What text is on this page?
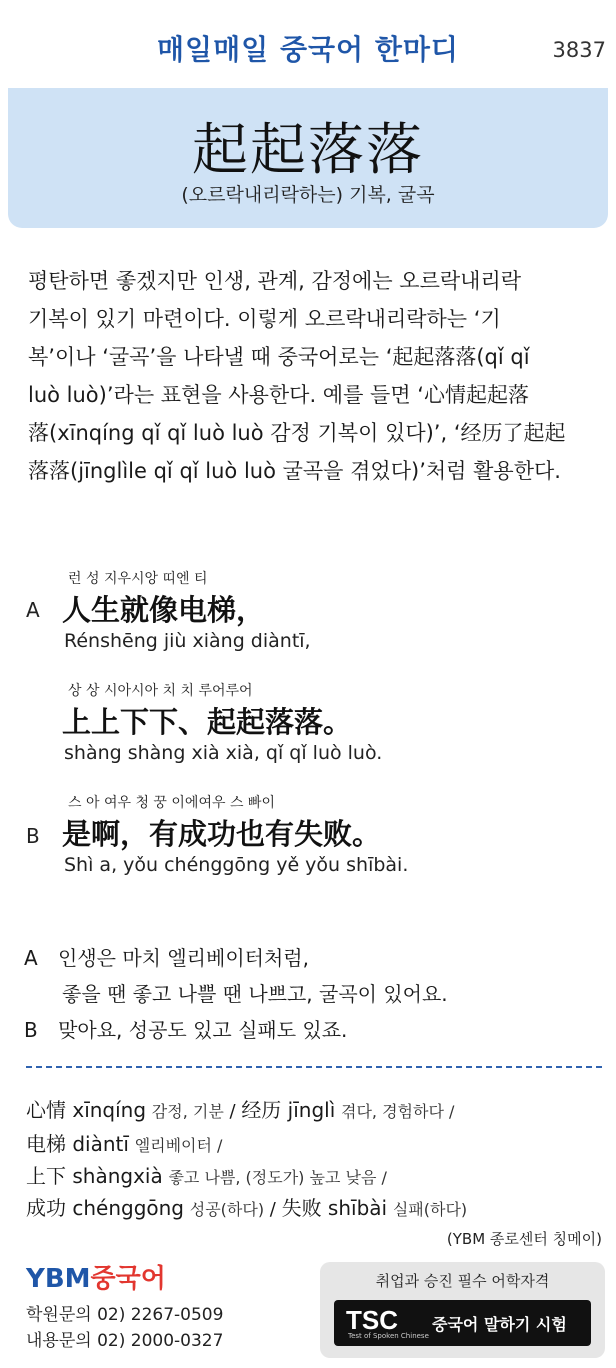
매일매일 중국어 한마디	3837
起起落落
(오르락내리락하는) 기복, 굴곡

평탄하면 좋겠지만 인생, 관계, 감정에는 오르락내리락

기복이 있기 마련이다. 이렇게 오르락내리락하는 ‘기

복’이나 ‘굴곡’을 나타낼 때 중국어로는 ‘起起落落(qǐ qǐ

luò luò)’라는 표현을 사용한다. 예를 들면 ‘心情起起落

落(xīnqíng qǐ qǐ luò luò 감정 기복이 있다)’, ‘经历了起起

落落(jīnglìle qǐ qǐ luò luò 굴곡을 겪었다)’처럼 활용한다.

런 성 지우시앙 띠엔 티
A 人生就像电梯，
Rénshēng jiù xiàng diàntī,
상 상 시아시아 치 치 루어루어
上上下下、起起落落。
shàng shàng xià xià, qǐ qǐ luò luò.
스 아 여우 청 꿍 이에여우 스 빠이
B 是啊，有成功也有失败。
Shì a, yǒu chénggōng yě yǒu shībài.
A 인생은 마치 엘리베이터처럼,
좋을 땐 좋고 나쁠 땐 나쁘고, 굴곡이 있어요.
B 맞아요, 성공도 있고 실패도 있죠.
心情 xīnqíng 감정, 기분 / 经历 jīnglì 겪다, 경험하다 /
电梯 diàntī 엘리베이터 /
上下 shàngxià 좋고 나쁨, (정도가) 높고 낮음 /
成功 chénggōng 성공(하다) / 失败 shībài 실패(하다)
(YBM 종로센터 칭메이)
YBM중국어
학원문의 02) 2267-0509
내용문의 02) 2000-0327
취업과 승진 필수 어학자격
TSC
Test of Spoken Chinese
중국어 말하기 시험
